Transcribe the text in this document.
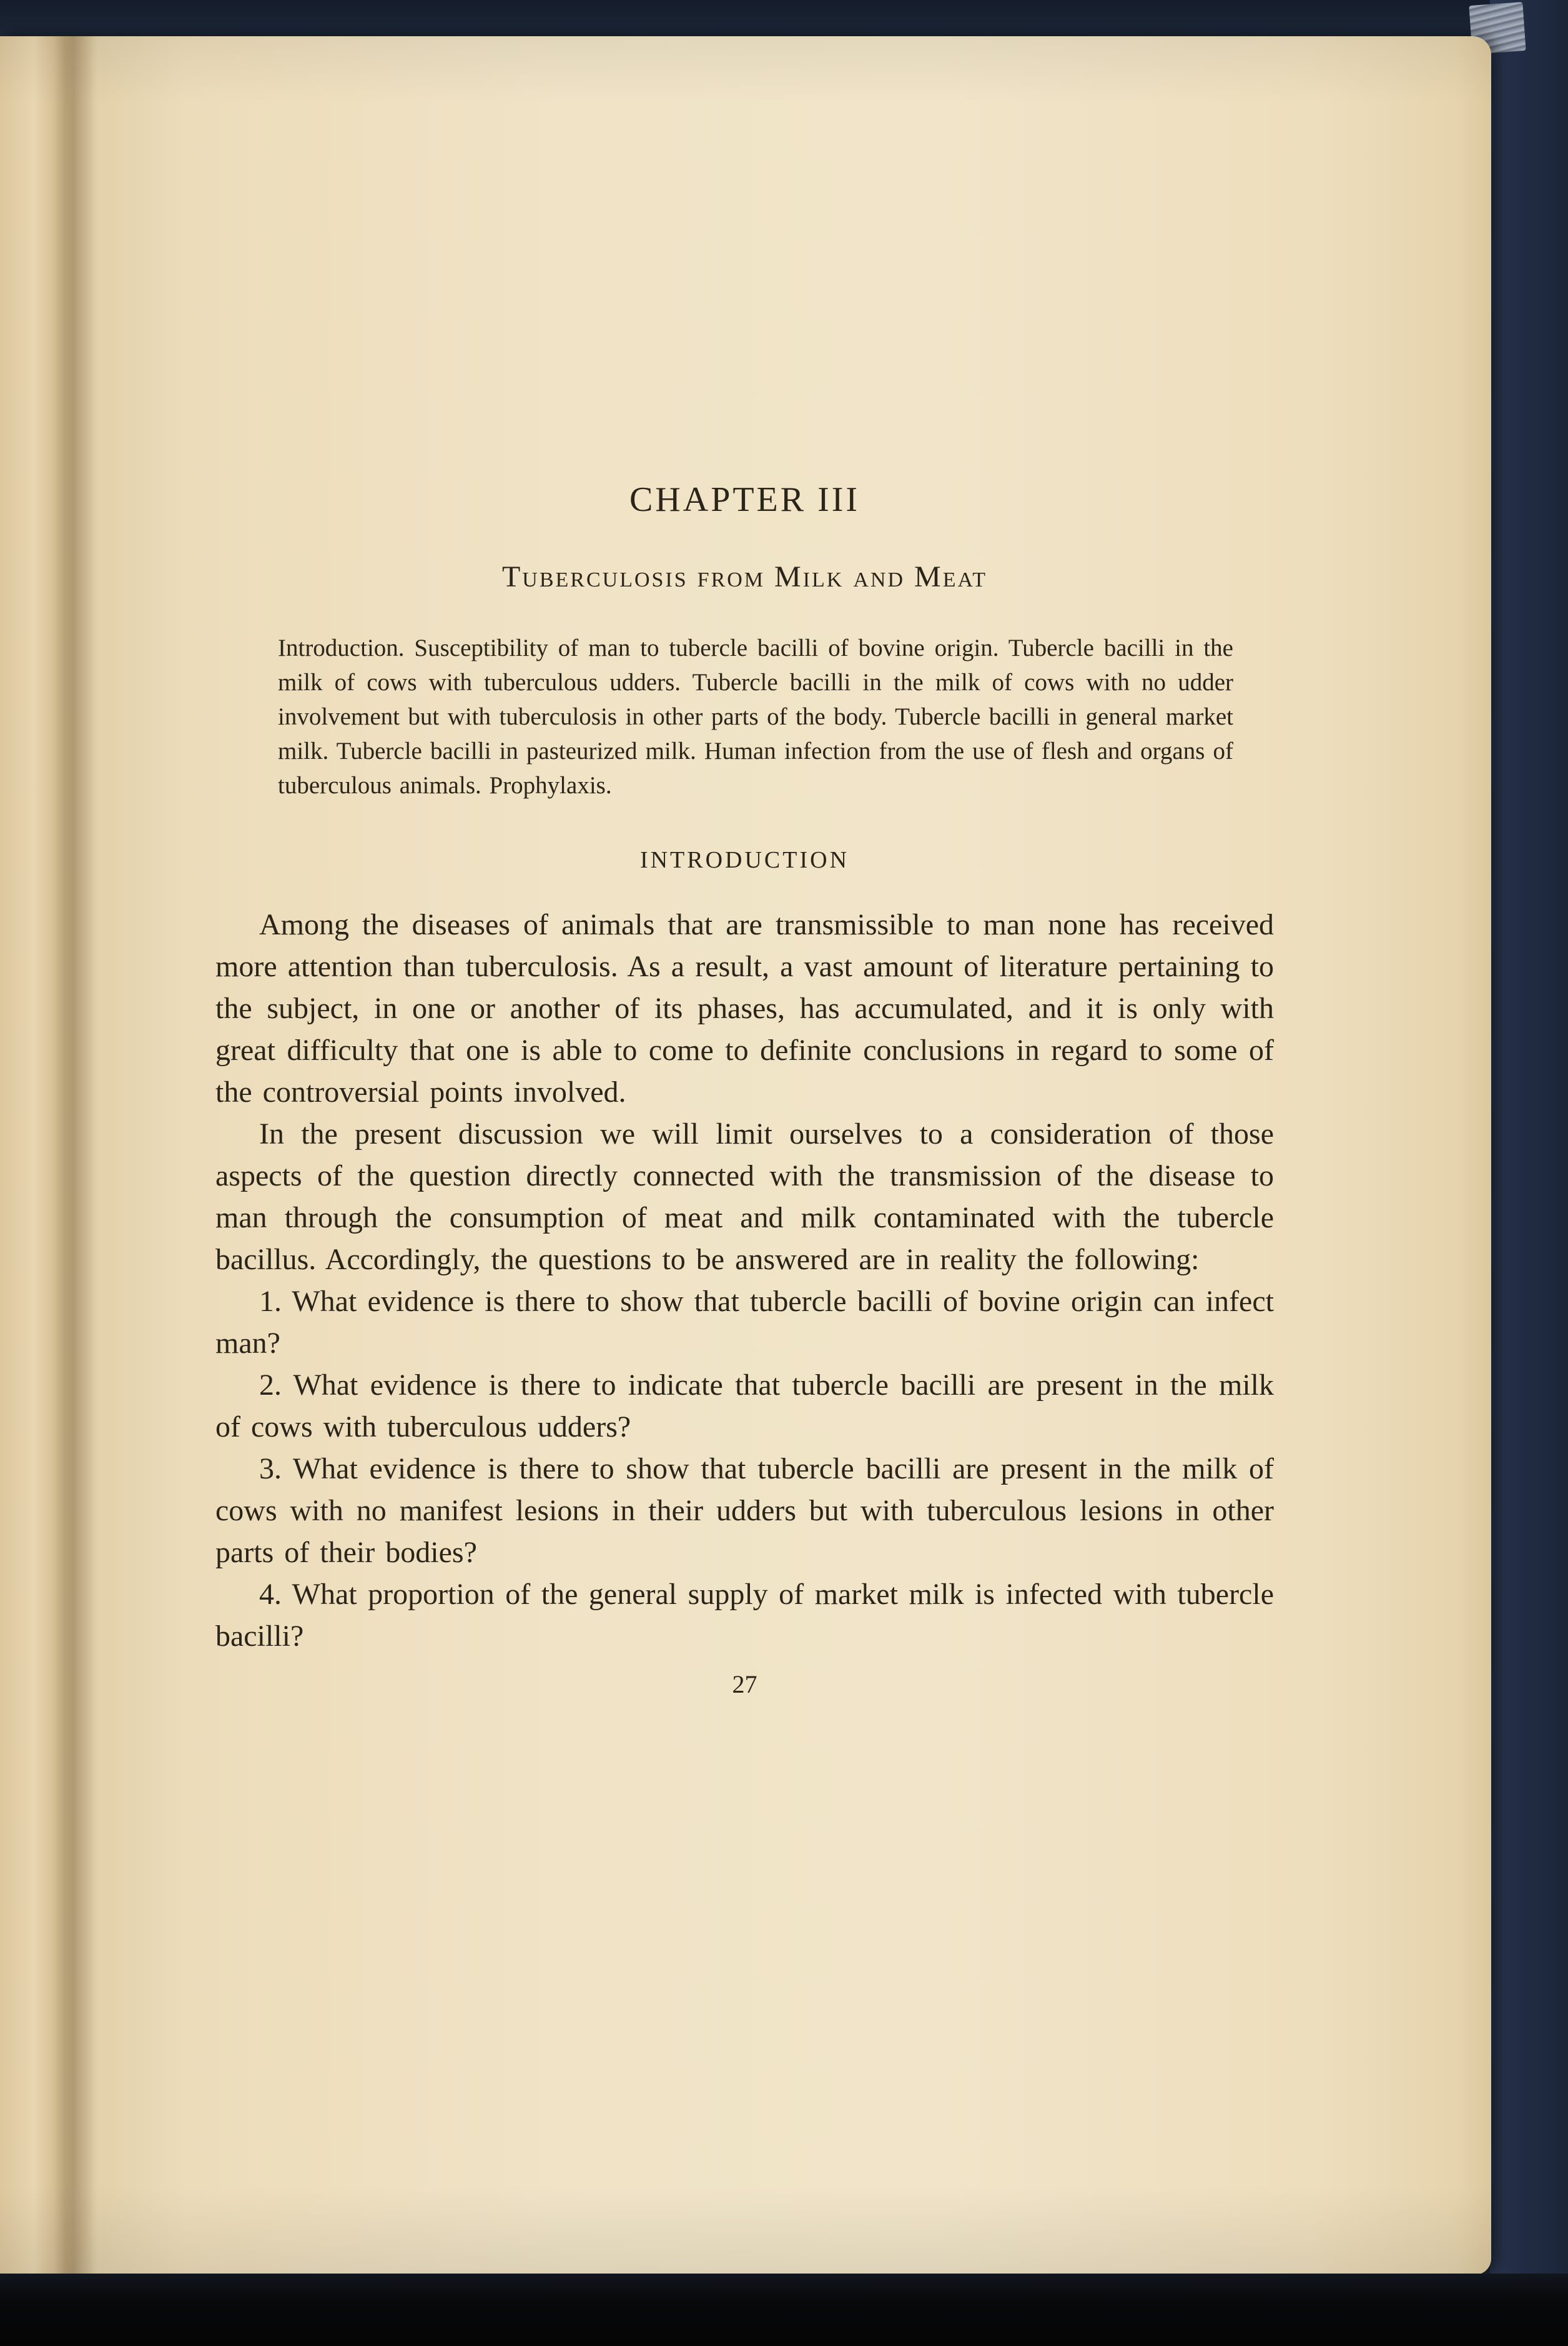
CHAPTER III
Tuberculosis from Milk and Meat

Introduction. Susceptibility of man to tubercle bacilli of bovine origin. Tubercle bacilli in the milk of cows with tuberculous udders. Tubercle bacilli in the milk of cows with no udder involvement but with tuberculosis in other parts of the body. Tubercle bacilli in general market milk. Tubercle bacilli in pasteurized milk. Human infection from the use of flesh and organs of tuberculous animals. Prophylaxis.

INTRODUCTION

Among the diseases of animals that are transmissible to man none has received more attention than tuberculosis. As a result, a vast amount of literature pertaining to the subject, in one or another of its phases, has accumulated, and it is only with great difficulty that one is able to come to definite conclusions in regard to some of the controversial points involved.

In the present discussion we will limit ourselves to a consideration of those aspects of the question directly connected with the transmission of the disease to man through the consumption of meat and milk contaminated with the tubercle bacillus. Accordingly, the questions to be answered are in reality the following:

1. What evidence is there to show that tubercle bacilli of bovine origin can infect man?

2. What evidence is there to indicate that tubercle bacilli are present in the milk of cows with tuberculous udders?

3. What evidence is there to show that tubercle bacilli are present in the milk of cows with no manifest lesions in their udders but with tuberculous lesions in other parts of their bodies?

4. What proportion of the general supply of market milk is infected with tubercle bacilli?

27
